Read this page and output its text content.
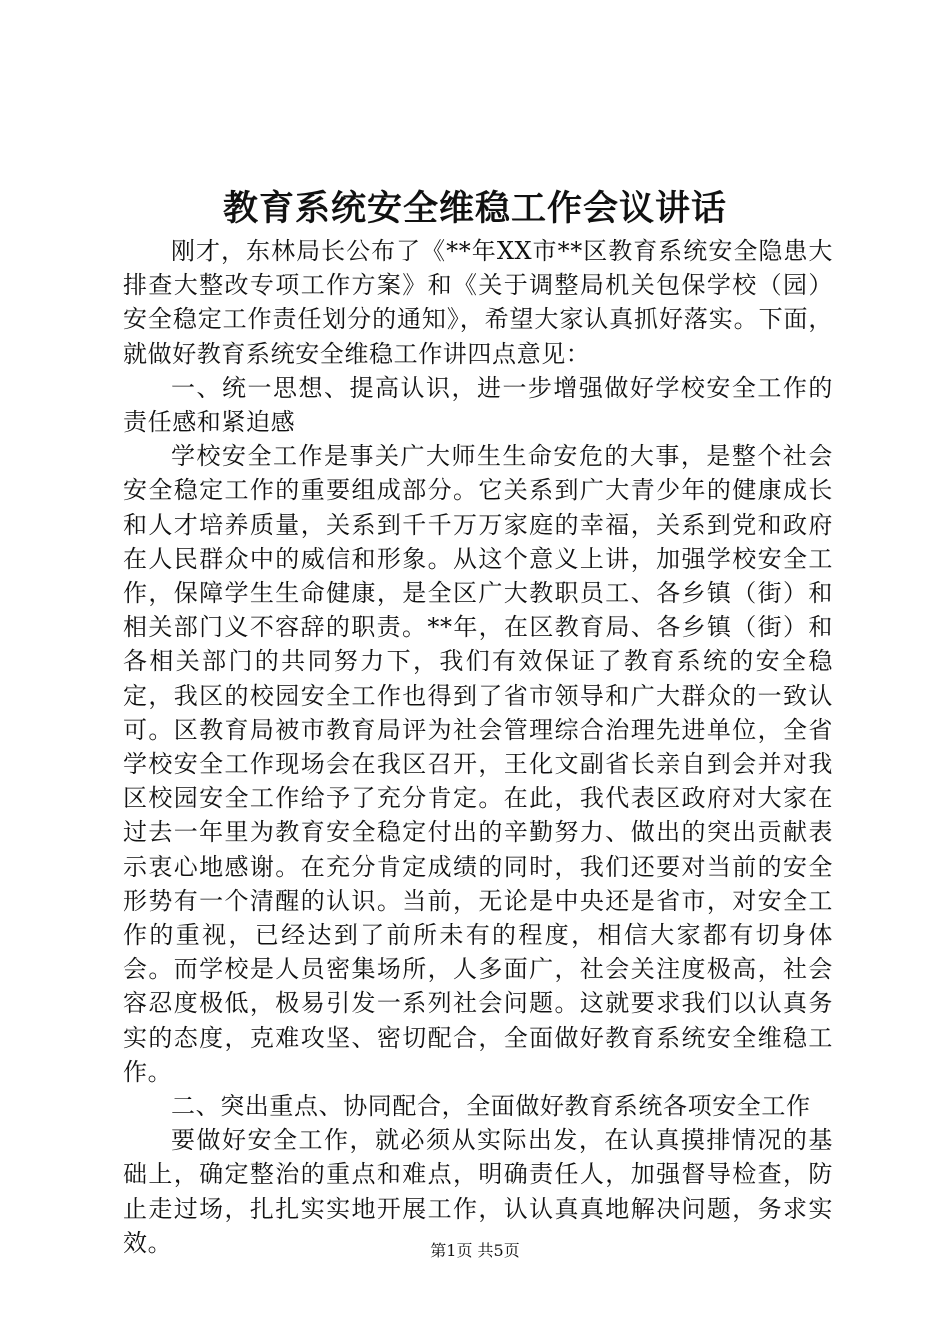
教育系统安全维稳工作会议讲话

刚才，东林局长公布了《**年XX市**区教育系统安全隐患大排查大整改专项工作方案》和《关于调整局机关包保学校（园）安全稳定工作责任划分的通知》，希望大家认真抓好落实。下面，就做好教育系统安全维稳工作讲四点意见：

一、统一思想、提高认识，进一步增强做好学校安全工作的责任感和紧迫感

学校安全工作是事关广大师生生命安危的大事，是整个社会安全稳定工作的重要组成部分。它关系到广大青少年的健康成长和人才培养质量，关系到千千万万家庭的幸福，关系到党和政府在人民群众中的威信和形象。从这个意义上讲，加强学校安全工作，保障学生生命健康，是全区广大教职员工、各乡镇（街）和相关部门义不容辞的职责。**年，在区教育局、各乡镇（街）和各相关部门的共同努力下，我们有效保证了教育系统的安全稳定，我区的校园安全工作也得到了省市领导和广大群众的一致认可。区教育局被市教育局评为社会管理综合治理先进单位，全省学校安全工作现场会在我区召开，王化文副省长亲自到会并对我区校园安全工作给予了充分肯定。在此，我代表区政府对大家在过去一年里为教育安全稳定付出的辛勤努力、做出的突出贡献表示衷心地感谢。在充分肯定成绩的同时，我们还要对当前的安全形势有一个清醒的认识。当前，无论是中央还是省市，对安全工作的重视，已经达到了前所未有的程度，相信大家都有切身体会。而学校是人员密集场所，人多面广，社会关注度极高，社会容忍度极低，极易引发一系列社会问题。这就要求我们以认真务实的态度，克难攻坚、密切配合，全面做好教育系统安全维稳工作。

二、突出重点、协同配合，全面做好教育系统各项安全工作

要做好安全工作，就必须从实际出发，在认真摸排情况的基础上，确定整治的重点和难点，明确责任人，加强督导检查，防止走过场，扎扎实实地开展工作，认认真真地解决问题，务求实效。	第1页 共5页
